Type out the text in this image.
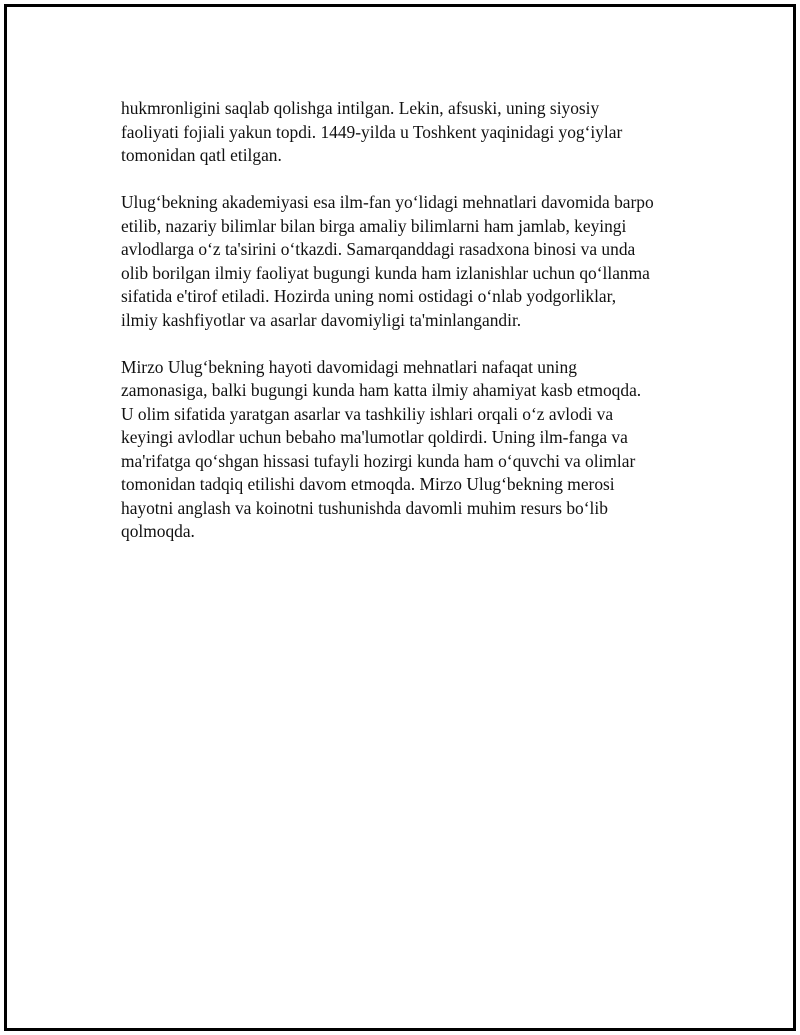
hukmronligini saqlab qolishga intilgan. Lekin, afsuski, uning siyosiy
faoliyati fojiali yakun topdi. 1449-yilda u Toshkent yaqinidagi yog‘iylar
tomonidan qatl etilgan.

Ulug‘bekning akademiyasi esa ilm-fan yo‘lidagi mehnatlari davomida barpo
etilib, nazariy bilimlar bilan birga amaliy bilimlarni ham jamlab, keyingi
avlodlarga o‘z ta'sirini o‘tkazdi. Samarqanddagi rasadxona binosi va unda
olib borilgan ilmiy faoliyat bugungi kunda ham izlanishlar uchun qo‘llanma
sifatida e'tirof etiladi. Hozirda uning nomi ostidagi o‘nlab yodgorliklar,
ilmiy kashfiyotlar va asarlar davomiyligi ta'minlangandir.

Mirzo Ulug‘bekning hayoti davomidagi mehnatlari nafaqat uning
zamonasiga, balki bugungi kunda ham katta ilmiy ahamiyat kasb etmoqda.
U olim sifatida yaratgan asarlar va tashkiliy ishlari orqali o‘z avlodi va
keyingi avlodlar uchun bebaho ma'lumotlar qoldirdi. Uning ilm-fanga va
ma'rifatga qo‘shgan hissasi tufayli hozirgi kunda ham o‘quvchi va olimlar
tomonidan tadqiq etilishi davom etmoqda. Mirzo Ulug‘bekning merosi
hayotni anglash va koinotni tushunishda davomli muhim resurs bo‘lib
qolmoqda.
